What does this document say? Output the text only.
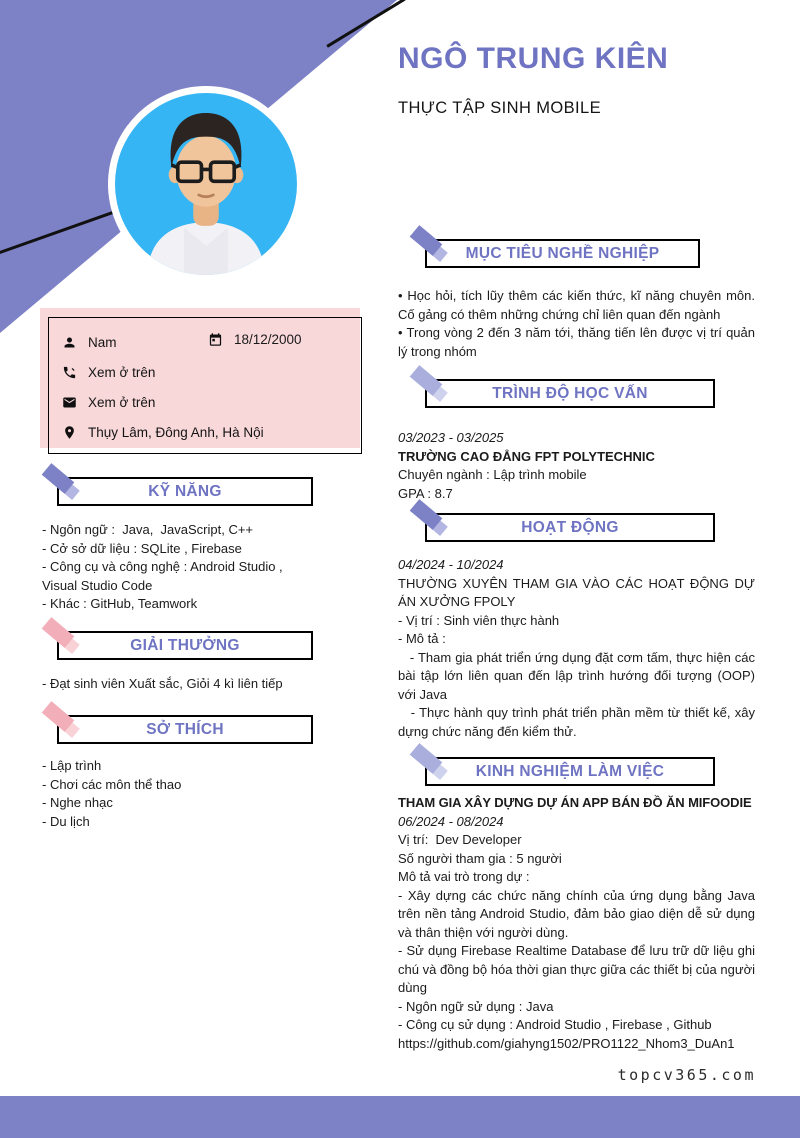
NGÔ TRUNG KIÊN
THỰC TẬP SINH MOBILE
Nam	18/12/2000
Xem ở trên
Xem ở trên
Thụy Lâm, Đông Anh, Hà Nội
KỸ NĂNG
- Ngôn ngữ :  Java,  JavaScript, C++
- Cở sở dữ liệu : SQLite , Firebase
- Công cụ và công nghệ : Android Studio ,  Visual Studio Code
- Khác : GitHub, Teamwork
GIẢI THƯỞNG
- Đạt sinh viên Xuất sắc, Giỏi 4 kì liên tiếp
SỞ THÍCH
- Lập trình
- Chơi các môn thể thao
- Nghe nhạc
- Du lịch
MỤC TIÊU NGHỀ NGHIỆP
• Học hỏi, tích lũy thêm các kiến thức, kĩ năng chuyên môn. Cố gảng có thêm những chứng chỉ liên quan đến ngành
• Trong vòng 2 đến 3 năm tới, thăng tiến lên được vị trí quản lý trong nhóm
TRÌNH ĐỘ HỌC VẤN
03/2023 - 03/2025
TRƯỜNG CAO ĐẲNG FPT POLYTECHNIC
Chuyên ngành : Lập trình mobile
GPA : 8.7
HOẠT ĐỘNG
04/2024 - 10/2024
THƯỜNG XUYÊN THAM GIA VÀO CÁC HOẠT ĐỘNG DỰ ÁN XƯỞNG FPOLY
- Vị trí : Sinh viên thực hành
- Mô tả :
- Tham gia phát triển ứng dụng đặt cơm tấm, thực hiện các bài tập lớn liên quan đến lập trình hướng đối tượng (OOP) với Java
- Thực hành quy trình phát triển phần mềm từ thiết kế, xây dựng chức năng đến kiểm thử.
KINH NGHIỆM LÀM VIỆC
THAM GIA XÂY DỰNG DỰ ÁN APP BÁN ĐỒ ĂN MIFOODIE
06/2024 - 08/2024
Vị trí:  Dev Developer
Số người tham gia : 5 người
Mô tả vai trò trong dự :
- Xây dựng các chức năng chính của ứng dụng bằng Java trên nền tảng Android Studio, đảm bảo giao diện dễ sử dụng và thân thiện với người dùng.
- Sử dụng Firebase Realtime Database để lưu trữ dữ liệu ghi chú và đồng bộ hóa thời gian thực giữa các thiết bị của người dùng
- Ngôn ngữ sử dụng : Java
- Công cụ sử dụng : Android Studio , Firebase , Github
https://github.com/giahyng1502/PRO1122_Nhom3_DuAn1
topcv365.com
